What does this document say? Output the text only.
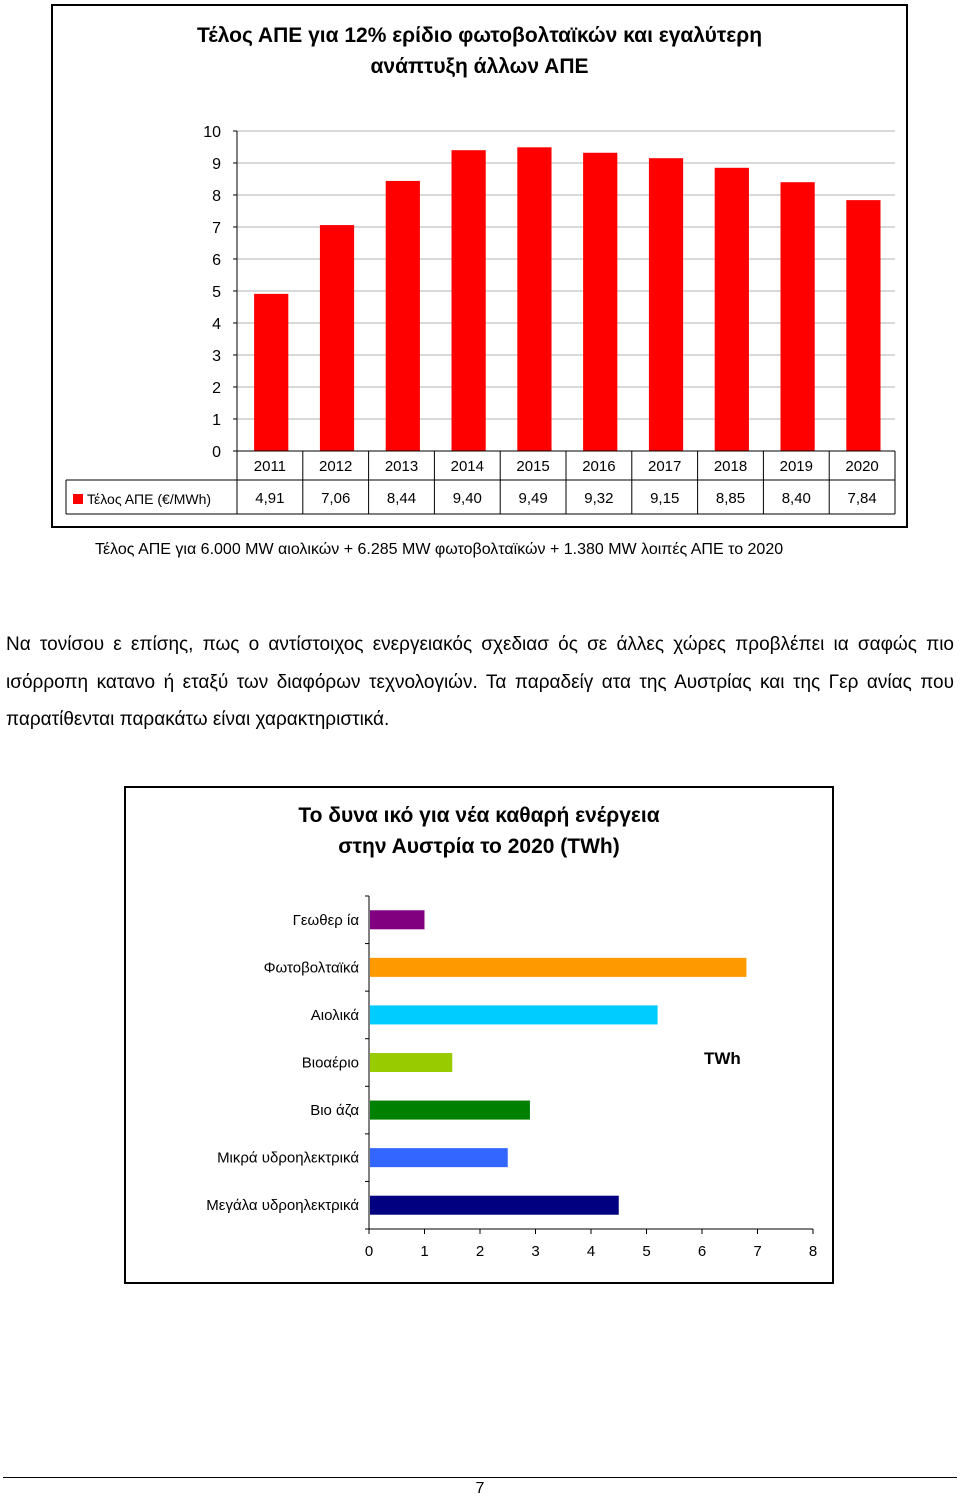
Τέλος ΑΠΕ για 12% ερίδιο φωτοβολταϊκών και εγαλύτερη
ανάπτυξη άλλων ΑΠΕ
0
1
2
3
4
5
6
7
8
9
10
2011 2012 2013 2014 2015 2016 2017 2018 2019 2020
4,91 7,06 8,44 9,40 9,49 9,32 9,15 8,85 8,40 7,84
Τέλος ΑΠΕ (€/MWh)
Τέλος ΑΠΕ για 6.000 MW αιολικών + 6.285 MW φωτοβολταϊκών + 1.380 MW λοιπές ΑΠΕ το 2020

Να τονίσου ε επίσης, πως ο αντίστοιχος ενεργειακός σχεδιασ ός σε άλλες χώρες προβλέπει ια σαφώς πιο ισόρροπη κατανο ή εταξύ των διαφόρων τεχνολογιών. Τα παραδείγ ατα της Αυστρίας και της Γερ ανίας που παρατίθενται παρακάτω είναι χαρακτηριστικά.

Το δυνα ικό για νέα καθαρή ενέργεια
στην Αυστρία το 2020 (TWh)
0	1	2	3	4	5	6	7	8
Γεωθερ ία
Φωτοβολταϊκά
Αιολικά
Βιοαέριο
Βιο άζα
Μικρά υδροηλεκτρικά
Μεγάλα υδροηλεκτρικά
TWh
7
